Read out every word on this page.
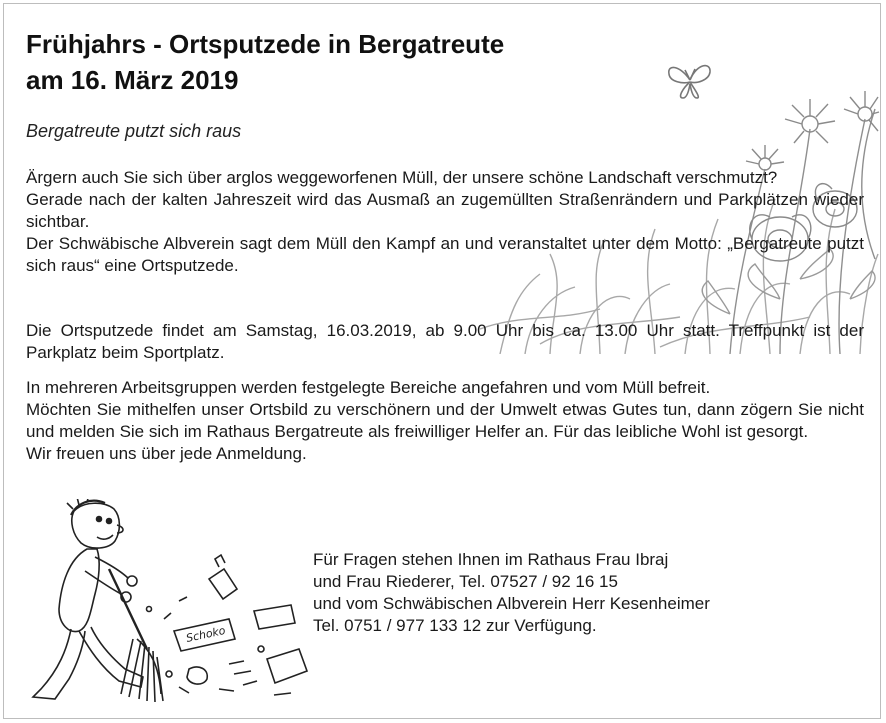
Frühjahrs - Ortsputzede in Bergatreute
am 16. März 2019

Bergatreute putzt sich raus

Ärgern auch Sie sich über arglos weggeworfenen Müll, der unsere schöne Landschaft verschmutzt?
Gerade nach der kalten Jahreszeit wird das Ausmaß an zugemüllten Straßenrändern und Parkplätzen wieder sichtbar.
Der Schwäbische Albverein sagt dem Müll den Kampf an und veranstaltet unter dem Motto: „Bergatreute putzt sich raus“ eine Ortsputzede.

Die Ortsputzede findet am Samstag, 16.03.2019, ab 9.00 Uhr bis ca. 13.00 Uhr statt. Treffpunkt ist der Parkplatz beim Sportplatz.

In mehreren Arbeitsgruppen werden festgelegte Bereiche angefahren und vom Müll befreit.
Möchten Sie mithelfen unser Ortsbild zu verschönern und der Umwelt etwas Gutes tun, dann zögern Sie nicht und melden Sie sich im Rathaus Bergatreute als freiwilliger Helfer an. Für das leibliche Wohl ist gesorgt.
Wir freuen uns über jede Anmeldung.

Schoko

Für Fragen stehen Ihnen im Rathaus Frau Ibraj
und Frau Riederer, Tel. 07527 / 92 16 15
und vom Schwäbischen Albverein Herr Kesenheimer
Tel. 0751 / 977 133 12 zur Verfügung.
